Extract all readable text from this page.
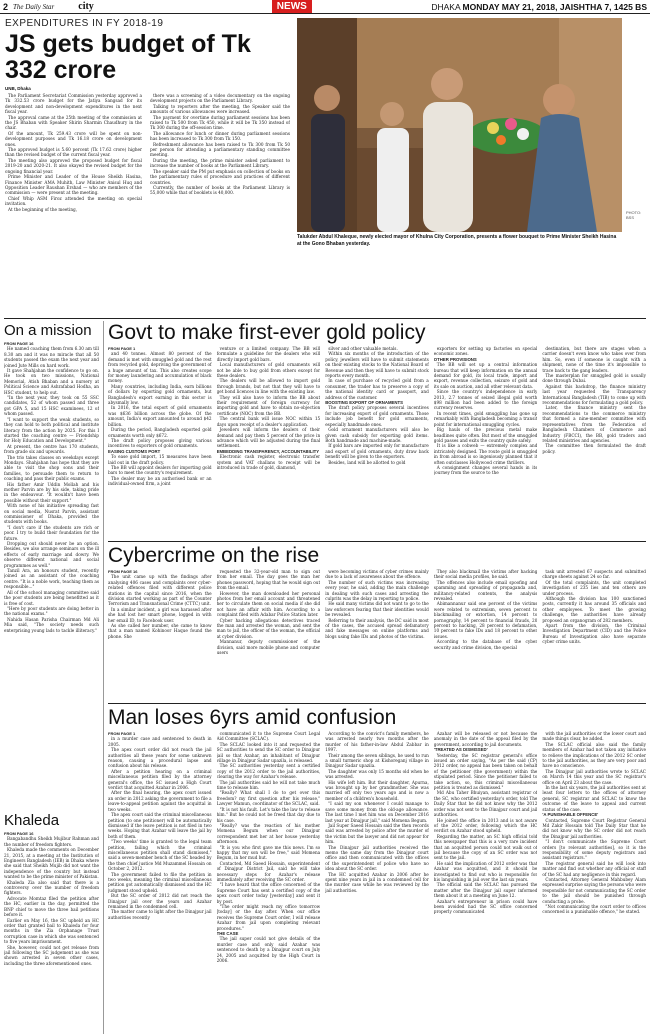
2 The Daily Star city	NEWS	DHAKA MONDAY MAY 21, 2018, JAISHTHA 7, 1425 BS
EXPENDITURES IN FY 2018-19
JS gets budget of Tk 332 crore
UNB, Dhaka

The Parliament Secretariat Commission yesterday approved a Tk 332.53 crore budget for the Jatiya Sangsad for its development and non-development expenditures in the next fiscal year.

The approval came at the 25th meeting of the commission at the JS Bhaban with Speaker Shirin Sharmin Chaudhury in the chair.

Of the amount, Tk 259.43 crore will be spent on non-development purposes and Tk 16.18 crore on development ones.

The approved budget is 5.60 percent (Tk 17.62 crore) higher than the revised budget of the current fiscal year.

The meeting also approved the proposed budget for fiscal 2019-20 and 2020-21. It also okayed the revised budget for the ongoing financial year.

Prime Minister and Leader of the House Sheikh Hasina, Finance Minister AMA Muhith, Law Minister Anisul Huq and Opposition Leader Raushan Ershad — who are members of the commission — were present at the meeting.

Chief Whip ASM Firoz attended the meeting on special invitation.

At the beginning of the meeting,

there was a screening of a video documentary on the ongoing development projects on the Parliament Library.

Talking to reporters after the meeting, the Speaker said the amounts of various allowances were increased.

The payment for overtime during parliament sessions has been raised to Tk 500 from Tk 450, while it will be Tk 350 instead of Tk 300 during the off-session time.

The allowance for lunch or dinner during parliament sessions has been increased to Tk 300 from Tk 150.

Refreshment allowance has been raised to Tk 300 from Tk 50 per person for attending a parliamentary standing committee meeting.

During the meeting, the prime minister asked parliament to increase the number of books at the Parliament Library.

The speaker said the PM put emphasis on collection of books on the parliamentary rules of procedure and practices of different countries.

Currently, the number of books at the Parliament Library is 55,000 while that of booklets is 40,000.

PHOTO: BSS
Talukder Abdul Khaleque, newly elected mayor of Khulna City Corporation, presents a flower bouquet to Prime Minister Sheikh Hasina at the Gono Bhaban yesterday.
On a mission

FROM PAGE 16

He named coaching them from 6.30 am till 8.30 am and it was no miracle that all 50 students passed the exam the next year and joined Jute Mills on hard work.

It gave Shahjahan the confidence to go on. He took on two missions, National Memorial, Atish Bhaban and a nursery at Political Science and Ashrafabad Hodha, an HSC student, to help out.

"In the next year, they took on 55 SSC candidates, 52 of whom passed and three got GPA 5, and 15 HSC examinees, 12 of whom passed.

"I want to support the weak students, so they can hold to both political and institute literacy from the action by 2025. For this I started the coaching centre — Friendship for Holy Education and Development."

At present, the centre has 170 students, from grade six and upwards.

The trio takes classes on weekdays except Mondays. Shahjahan has hope that they are able to visit the shop sons and their families, to persuade them to return to coaching and pass their public exams.

His father Amir Uddin Mollah and his mother Parvin are by his side, taking pride in the endeavour. "It wouldn't have been possible without their support."

With none of his initiative spreading fast on social media, Nusrat Parvin, assistant commissioner of Dhaka, provided the students with books.

"I don't care if the students are rich or poor. I try to build their foundation for the future.

Dropping out should never be an option. Besides, we also arrange seminars on the ill effects of early marriage and dowry. We observe different national and social programmes as well."

Tanzil Ara, an honours student, recently joined as an assistant of the coaching centre. "It is a noble work, teaching them as responsible..."

All of the school managing committee said the poor students are being benefitted as it is free of cost.

"Here by poor students are doing better in the national exams."

Nahida Hasan Parisha Chairman Md Ali Mia said, "The society needs such enterprising young lads to tackle illiteracy."

Khaleda

FROM PAGE 16

Bangabandhu Sheikh Mujibur Rahman and the number of freedom fighters.

Khaleda made the comments on December 21, 2015, at a meeting at the Institution of Engineers Bangladesh (IEB) in Dhaka where she said that Sheikh Mujib did not want the independence of the country but instead wanted to be the prime minister of Pakistan.

Khaleda Zia also said that there is a controversy over the number of freedom fighters.

Advocate Momtaz filed the petition after the HC, earlier in the day, permitted the BNP chief to move the three bail petitions before it.

Earlier on May 16, the SC upheld an HC order that granted bail to Khaleda for four months in the Zia Orphanage Trust corruption case in which she was sentenced to five years imprisonment.

She, however, could not get release from jail following the SC judgement as she was shown arrested in seven other cases, including the three aforementioned ones.

Govt to make first-ever gold policy

FROM PAGE 1

and 40 tonnes. Almost 80 percent of the demand is met with smuggled gold and the rest from recycled gold, depriving the government of a huge amount of tax. This also creates scope for money laundering and accumulation of black money.

Many countries, including India, earn billions of dollars by exporting gold ornaments, but Bangladesh's export earning in this sector is abysmally low.

In 2016, the total export of gold ornaments was $636 billion across the globe. Of the amount, India's export amounted to around $42 billion.

During the period, Bangladesh exported gold ornaments worth only $672.

The draft policy proposes giving various incentives to exporters of gold ornaments.

EASING CUSTOMS PORT

To ease gold import, 15 measures have been laid out in the draft policy.

The BB will appoint dealers for importing gold bars to meet the country's requirement.

The dealer may be an authorised bank or an individual-owned firm, a joint

venture or a limited company. The BB will formulate a guideline for the dealers who will directly import gold bars.

Local manufacturers of gold ornaments will not be able to buy gold from others except for these dealers.

The dealers will be allowed to import gold through brands, but not that they will have to get bond licences in line with the existing law.

They will also have to inform the BB about their requirement of foreign currency for importing gold and have to obtain no-objection certificate (NOC) from the BB.

The central bank will issue NOC within 15 days upon receipt of a dealer's application.

Jewellers will inform the dealers of their demand and pay them 5 percent of the price in advance which will be adjusted during the final settlement.

EMBEDDING TRANSPARENCY, ACCOUNTABILITY

Electronic cash register, electronic transfer system and VAT challans to receipt will be introduced in trade of gold, diamond,

silver and other valuable metals.

Within six months of the introduction of the policy, jewellers will have to submit statements on their existing stocks to the National Board of Revenue and then they will have to submit stock reports every month.

In case of purchase of recycled gold from a consumer, the trader has to preserve a copy of the national identity card or passport, and address of the customer.

BOOSTING EXPORT OF ORNAMENTS

The draft policy proposes several incentives for increasing export of gold ornaments. Those include job benefit for gold ornaments, especially handmade ones.

Gold ornament manufacturers will also be given cash subsidy for exporting gold items. Both handmade and machine-made.

If gold bars are imported only for manufacture and export of gold ornaments, duty draw back benefit will be given to the exporters.

Besides, land will be allotted to gold

exporters for setting up factories on special economic zones.

OTHER PROVISIONS

The BB will set up a central information bureau that will keep information on the annual demand for gold, its local trade, import and export, revenue collection, seizure of gold and its sale on auction, and all other relevant data.

Since the country's independence in early 2013, 2.7 tonnes of seized illegal gold worth $98 million had been added to the foreign currency reserves.

In recent times, gold smuggling has gone up remarkably with Bangladesh becoming a transit point for international smuggling cycles.

Big hauls of the precious metal make headlines quite often. But most of the smuggled gold passes and exits the country quite safely.

It is like a cobweb — extremely complex and intricately designed. The route gold is smuggled in from abroad is so ingeniously planned that it often outclasses Hollywood crime thrillers.

A consignment changes several hands in its journey from the source to the

destination, but there are stages when a carrier doesn't even know who takes over from him. So, even if someone is caught with a shipment, none of the time it's impossible to trace back to the gang leaders.

The masterplan for smuggled gold is usually done through Dubai.

Against this backdrop, the finance ministry last year requested the Transparency International Bangladesh (TIB) to come up with recommendations for formulating a gold policy.

Later, the finance ministry sent the recommendations to the commerce ministry that formed a nine-member committee with representatives from the Federation of Bangladesh Chambers of Commerce and Industry (FBCCI), the BB, gold traders and related ministries and agencies.

The committee then formulated the draft policy.

Cybercrime on the rise

FROM PAGE 16

The unit came up with the findings after analysing 406 cases and complaints over cyber-related offences filed with different police stations in the capital since 2016, when the division started working as part of the Counter Terrorism and Transnational Crime (CTTC) unit.

In a similar incident, a girl was harassed after she had lost her smart phone, logged in with her email ID, to Facebook user.

As she called her number, she came to know that a man named Kohinoor Haque found the phone. She

requested the 32-year-old man to sign out from her email. The day goes the man her phones password, hoping that he would sign out from the email.

However, the man downloaded her personal photos from her email account and threatened her to circulate them on social media if she did not have an affair with him. According to a complaint filed with Adabar Police Station later.

Cyber hacking allegations detectives traced the man and arrested the woman, and sent the man to jail, the officer of the woman, the official at cyber division.

Mannanur, deputy commissioner of the division, said more mobile phone and computer users

were becoming victims of cyber crimes mainly due to a lack of awareness about the offence.

The number of such victims was increasing every year, he said, adding the main challenge in dealing with such cases and arresting the culprits was the delay in reporting to police.

He said many victims did not want to go to the law enforcers fearing that their identities would be revealed.

Referring to their analysis, the DC said in most of the cases, the accused spread defamatory and fake messages on online platforms and blogs using fake IDs and photos of the victims.

They also blackmail the victims after hacking their social media profiles, he said.

The offences also include email spoofing and spamming and spreading of propaganda and, militancy-related contents, the analysis revealed.

Abimannanur said one percent of the victims were related to extremism, seven percent to blackmailing or extortion, 14 percent to pornography, 14 percent to financial frauds, 20 percent to hacking, 28 percent to defamation, 10 percent to fake IDs and 18 percent to other issues.

According to the database of the cyber security and crime division, the special

task unit arrested 67 suspects and submitted charge sheets against 24 so far.

Of the total complaints, the unit completed investigation of 235 lies and ten others are under process.

Although the division has 100 sanctioned posts, currently it has around 35 officials and other employees. To meet the growing challenge, the authorities have already proposed an organogram of 282 members.

Apart from the division, the Criminal Investigation Department (CID) and the Police Bureau of Investigation also have separate cyber crime units.

Man loses 6yrs amid confusion

FROM PAGE 1

in a murder case and sentenced to death in 2005.

The apex court order did not reach the jail authorities all these years for some unknown reason, causing a procedural lapse and confusion about his release.

After a petition hearing on a criminal miscellaneous petition filed by the attorney general's office, the SC issued a High Court verdict that acquitted Azahar in 2006.

After the final hearing, the apex court issued an order in 2012 asking the government to file a leave-to-appeal petition against the acquittal in two weeks.

The apex court said the criminal miscellaneous petition (to one petitioner) will be automatically dismissed if the leave petition is not filed in two weeks. Hoping that Azahar will leave the jail by both of them.

"Two weeks' time is granted to the legal team petition, failing which the criminal miscellaneous petition shall stand dismissed," said a seven-member bench of the SC headed by the then chief justice Md Muzammel Hossain on October 2, 2012.

The government failed to file the petition in two weeks, meaning the criminal miscellaneous petition got automatically dismissed and the HC judgment stood upheld.

But the SC order of 2012 did not reach the Dinajpur jail over the years and Azahar remained in the condemned cell.

The matter came to light after the Dinajpur jail authorities recently

communicated it to the Supreme Court Legal Aid Committee (SCLAC).

The SCLAC looked into it and requested the SC authorities to send the SC order to Dinajpur jail so that Azahar, an inhabitant of Dinajpur village in Dinajpur Sadar upazila, is released.

The SC authorities yesterday sent a certified copy of the 2012 order to the jail authorities, clearing the way for Azahar's release.

The jail authorities said he will not take much time to release him.

"Really? What shall I do to get over this freedom? my first question after his release," Lawyer Mamun, coordinator of the SCLAC, said.

"It is not his fault. Let's take the law to release him." But he could not be freed that day due to his case.

"Really? was the reaction of his mother Momena Begum when our Dinajpur correspondent met her at her house yesterday afternoon.

"It is you who first gave me this news. I'm so happy that my son will be free," said Momena Begum, in her mud hut.

Contacted, Md Saeed Hossain, superintendent of Dinajpur District Jail, said he will take necessary steps for Azahar's release immediately after receiving the SC order.

"I have heard that the office concerned of the Supreme Court has sent a certified copy of the apex court order today [yesterday] and sent it by post.

"The order might reach my office tomorrow [today] or the day after. When our office receives the Supreme Court order, I will release Azahar from jail upon completing relevant procedures."

THE CASE

The jail super could not give details of the murder case and only said Azahar was sentenced to death by a Dinajpur court on July 24, 2005 and acquitted by the High Court in 2006.

According to the convict's family members, he was arrested nearly two months after the murder of his father-in-law Abdul Zabbar in 1997.

Their among the seven siblings, he used to run a small turmeric shop at Kishoreganj village in Dinajpur Sadar upazila.

The daughter was only 15 months old when he was arrested.

His wife left him. But their daughter, Apurna, was brought up by her grandmother. She was married off only two years ago and is now a member of a children's household.

"I said my son whenever I could manage to save some money from the old-age allowance. The last time I met him was on December 2016 last year at Dinajpur jail," said Momena Begum.

Jail Super Saeed Hossain said the then records said was arrested by police after the murder of the victim but the lawyer and did not appear for him.

The Dinajpur jail authorities received the memo the same day from the Dinajpur court office and then communicated with the offices of the superintendent of police who have no idea about the SC order.

The HC acquitted Azahar in 2006 after he spent nine years in jail in a condemned cell for the murder case while he was reviewed by the jail authorities.

Azahar will be released or not because the anomaly in the date of the appeal filed by the government, according to jail documents.

'TREATED AS DISMISSED'

Yesterday, the SC registrar general's office issued an order saying, "As per the said (CP) 2012 order, no appeal has been taken on behalf of the petitioner (the government) within the stipulated period. Since the petitioner failed to take action, so, this criminal miscellaneous petition is treated as dismissed."

Md Abu Taher Bhuiyan, assistant registrar of the SC, who certified yesterday's order, told The Daily Star that he did not know why the 2012 order was not sent to the Dinajpur court and jail authorities.

He joined the office in 2013 and is not aware of the 2012 order, following which the HC verdict on Azahar stood upheld.

Regarding the matter, an SC high official told this newspaper that this is a very rare incident that an acquitted person could not walk out of jail because the copy of an SC order was not sent to the jail.

He said the implication of 2012 order was that Azahar was acquitted, and it should be investigated to find out who is responsible for his languishing in jail over the last six years.

The official said the SCLAC has pursued the matter after the Dinajpur jail super informed them about it at a meeting on June 12.

Azahar's entrepreneur in prison could have been avoided had the SC office concerned properly communicated

with the jail authorities or the lower court and made things clear, he added.

The SCLAC official also said the family members of Azahar had not taken any initiative to relieve the implications of the 2012 SC order to the jail authorities, as they are very poor and have no conscience.

The Dinajpur jail authorities wrote to SCLAC on March 14 this year and the SC registrar's office on April 23 about the case.

In the last six years, the jail authorities sent at least four letters to the offices of attorney general, SC registrar and SCLAC to know the outcome of the leave to appeal and current status of the case.

'A PUNISHABLE OFFENCE'

Contacted, Supreme Court Registrar General Md Zakir Hossain told The Daily Star that he did not know why the SC order did not reach the Dinajpur jail authorities.

"I don't communicate the Supreme Court orders [to relevant authorities], so it is the responsibility of some deputy registrars and assistant registrars."

The registrar general said he will look into matter and find out whether any official or staff of the SC had any negligence in this regard.

Contacted, Attorney General Mahbubey Alam expressed surprise saying the persons who were responsible for not communicating the SC order to the jail should be punished through conducting a probe.

"Not communicating the court order to offices concerned is a punishable offence," he stated.
